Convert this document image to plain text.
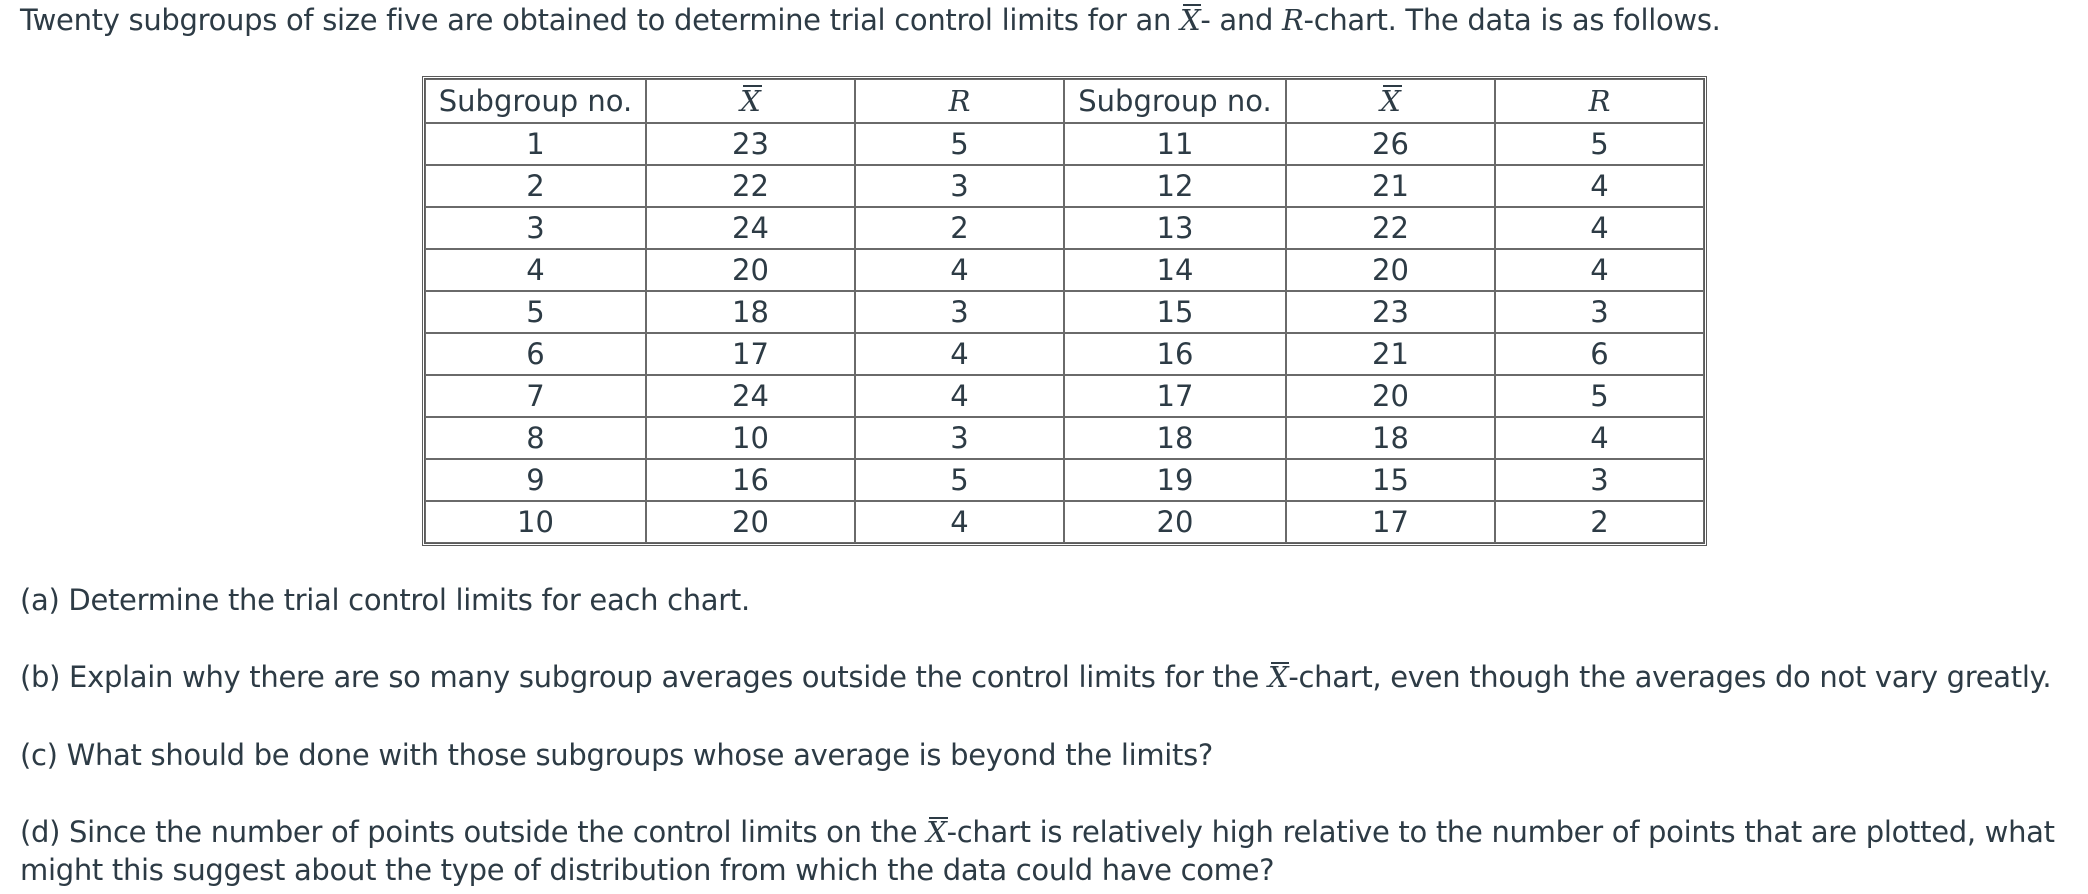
Twenty subgroups of size five are obtained to determine trial control limits for an X- and R-chart. The data is as follows.
Subgroup no.	X	R	Subgroup no.	X	R
1	23	5	11	26	5
2	22	3	12	21	4
3	24	2	13	22	4
4	20	4	14	20	4
5	18	3	15	23	3
6	17	4	16	21	6
7	24	4	17	20	5
8	10	3	18	18	4
9	16	5	19	15	3
10	20	4	20	17	2
(a) Determine the trial control limits for each chart.
(b) Explain why there are so many subgroup averages outside the control limits for the X-chart, even though the averages do not vary greatly.
(c) What should be done with those subgroups whose average is beyond the limits?
(d) Since the number of points outside the control limits on the X-chart is relatively high relative to the number of points that are plotted, what might this suggest about the type of distribution from which the data could have come?
